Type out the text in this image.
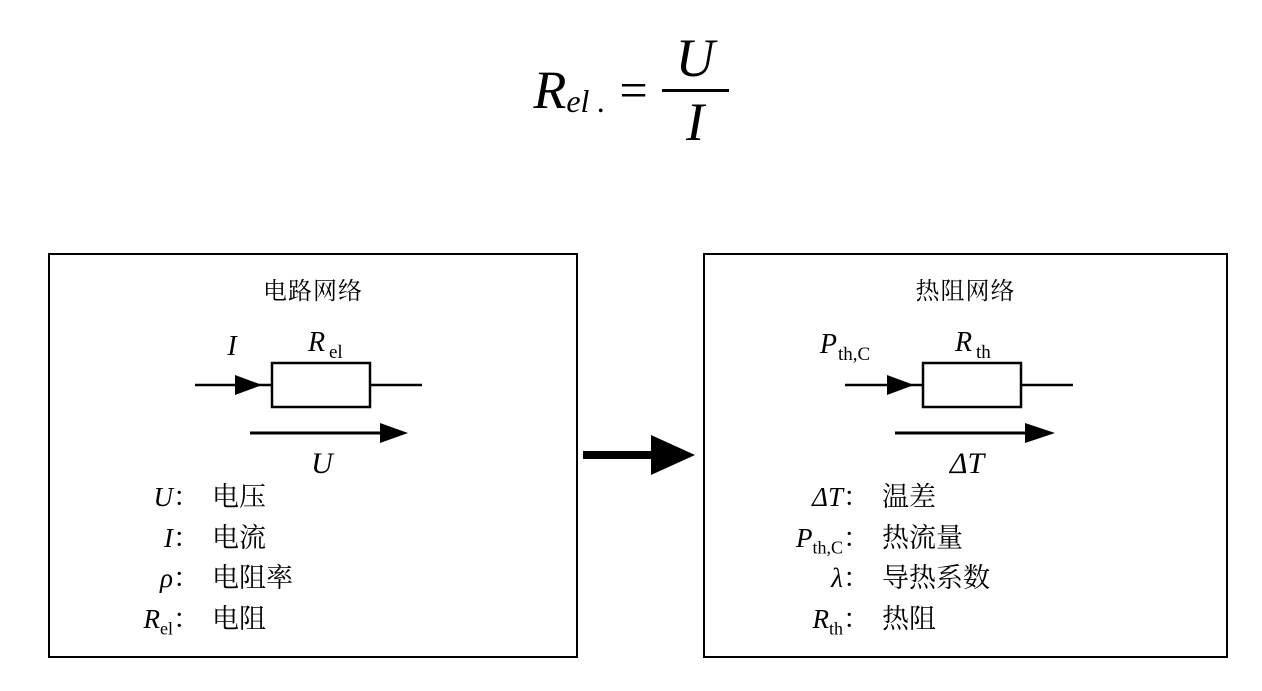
Rel . = $\frac{U}{I}$
电路网络
I	R el
U
U： 电压
I： 电流
ρ： 电阻率
$R_{el}$： 电阻
热阻网络
P th,C	R th
ΔT
ΔT： 温差
$P_{th,C}$： 热流量
λ： 导热系数
$R_{th}$： 热阻
